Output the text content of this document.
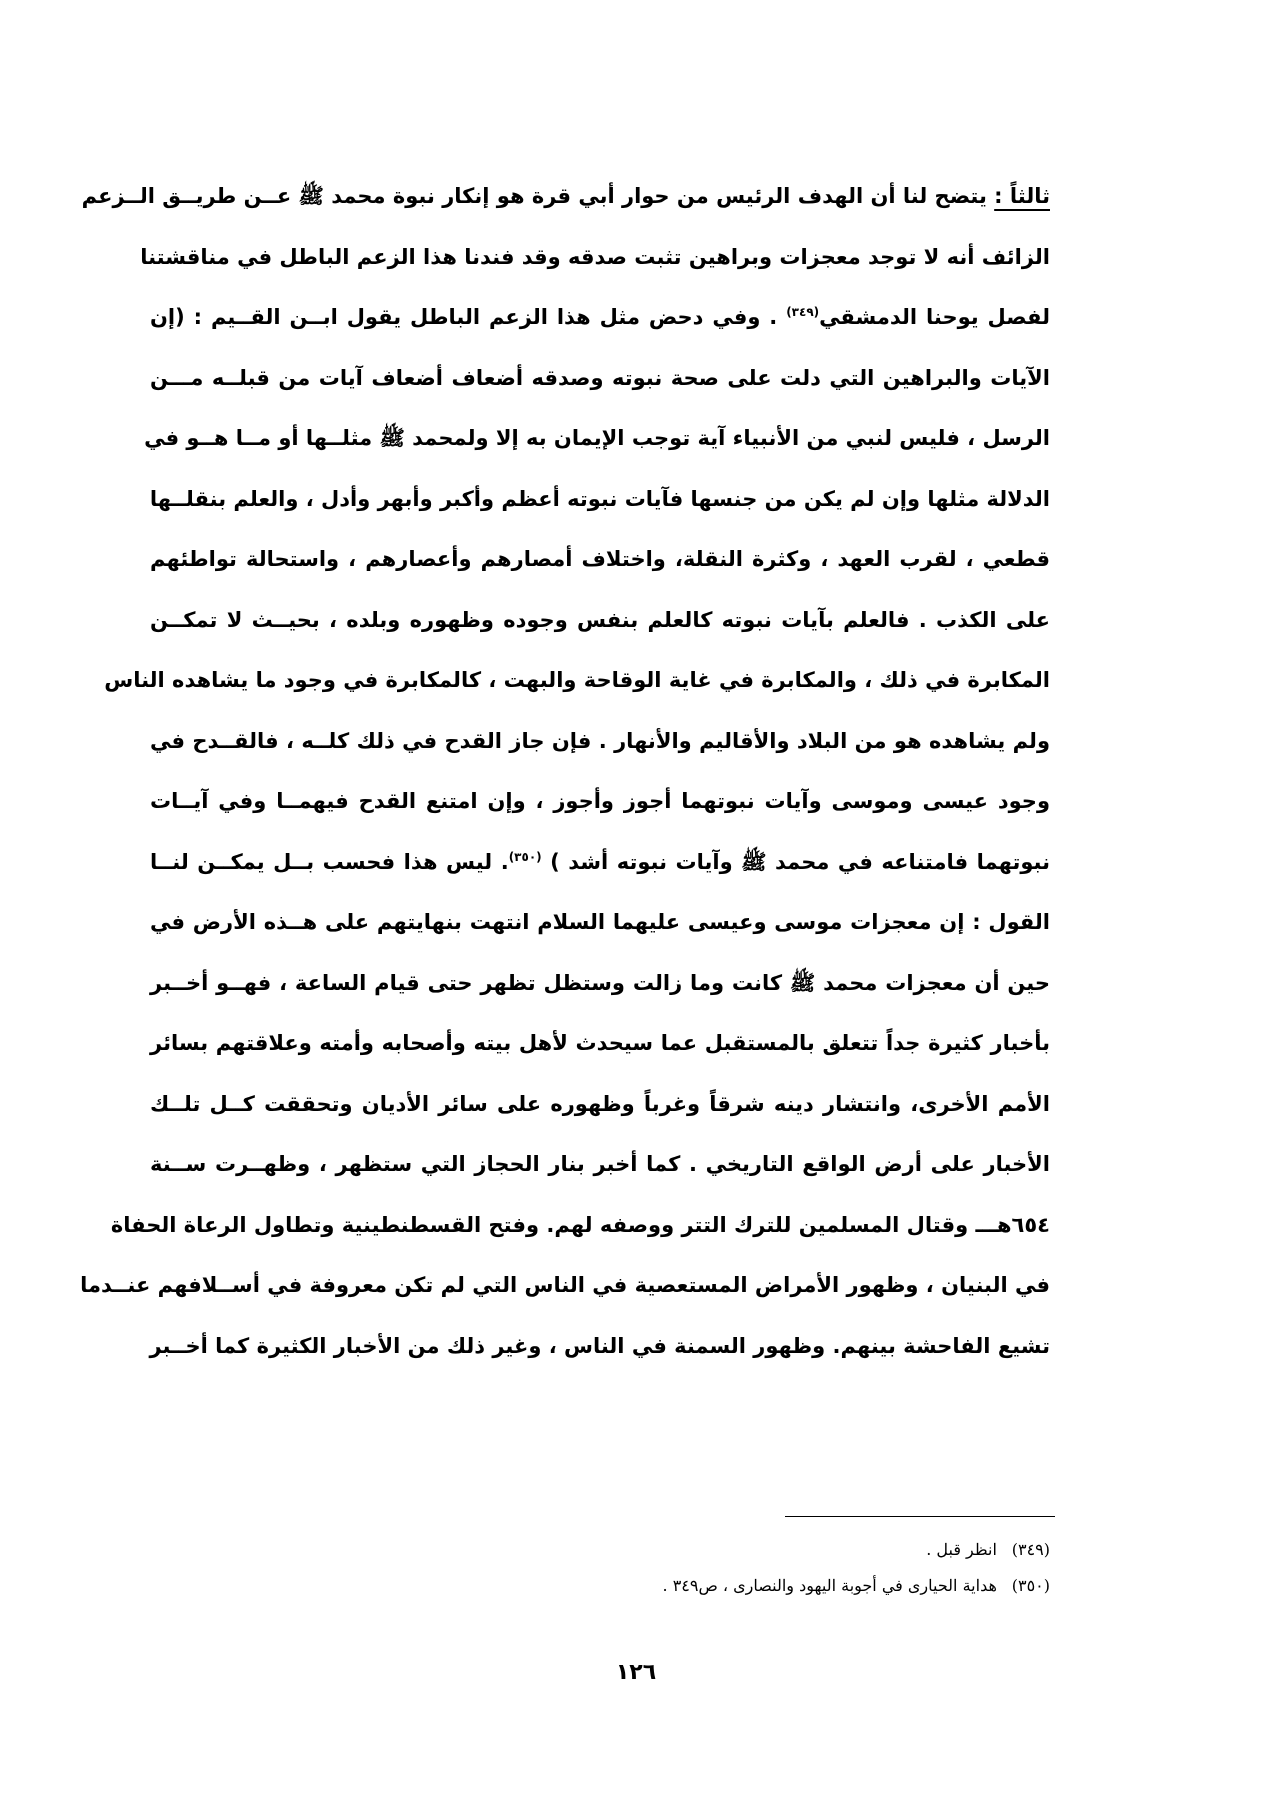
ثالثاً : يتضح لنا أن الهدف الرئيس من حوار أبي قرة هو إنكار نبوة محمد ﷺ عــن طريــق الــزعم
الزائف أنه لا توجد معجزات وبراهين تثبت صدقه وقد فندنا هذا الزعم الباطل في مناقشتنا
لفصل يوحنا الدمشقي$^{(٣٤٩)}$ . وفي دحض مثل هذا الزعم الباطل يقول ابــن القــيم : (إن
الآيات والبراهين التي دلت على صحة نبوته وصدقه أضعاف أضعاف آيات من قبلــه مـــن
الرسل ، فليس لنبي من الأنبياء آية توجب الإيمان به إلا ولمحمد ﷺ مثلــها أو مــا هــو في
الدلالة مثلها وإن لم يكن من جنسها فآيات نبوته أعظم وأكبر وأبهر وأدل ، والعلم بنقلــها
قطعي ، لقرب العهد ، وكثرة النقلة، واختلاف أمصارهم وأعصارهم ، واستحالة تواطئهم
على الكذب . فالعلم بآيات نبوته كالعلم بنفس وجوده وظهوره وبلده ، بحيــث لا تمكــن
المكابرة في ذلك ، والمكابرة في غاية الوقاحة والبهت ، كالمكابرة في وجود ما يشاهده الناس
ولم يشاهده هو من البلاد والأقاليم والأنهار . فإن جاز القدح في ذلك كلــه ، فالقــدح في
وجود عيسى وموسى وآيات نبوتهما أجوز وأجوز ، وإن امتنع القدح فيهمــا وفي آيــات
نبوتهما فامتناعه في محمد ﷺ وآيات نبوته أشد ) $^{(٣٥٠)}$. ليس هذا فحسب بــل يمكــن لنــا
القول : إن معجزات موسى وعيسى عليهما السلام انتهت بنهايتهم على هــذه الأرض في
حين أن معجزات محمد ﷺ كانت وما زالت وستظل تظهر حتى قيام الساعة ، فهــو أخــبر
بأخبار كثيرة جداً تتعلق بالمستقبل عما سيحدث لأهل بيته وأصحابه وأمته وعلاقتهم بسائر
الأمم الأخرى، وانتشار دينه شرقاً وغرباً وظهوره على سائر الأديان وتحققت كــل تلــك
الأخبار على أرض الواقع التاريخي . كما أخبر بنار الحجاز التي ستظهر ، وظهــرت ســنة
٦٥٤هـــ وقتال المسلمين للترك التتر ووصفه لهم. وفتح القسطنطينية وتطاول الرعاة الحفاة
في البنيان ، وظهور الأمراض المستعصية في الناس التي لم تكن معروفة في أســلافهم عنــدما
تشيع الفاحشة بينهم. وظهور السمنة في الناس ، وغير ذلك من الأخبار الكثيرة كما أخــبر
(٣٤٩) انظر قبل .
(٣٥٠) هداية الحيارى في أجوبة اليهود والنصارى ، ص٣٤٩ .
١٢٦
